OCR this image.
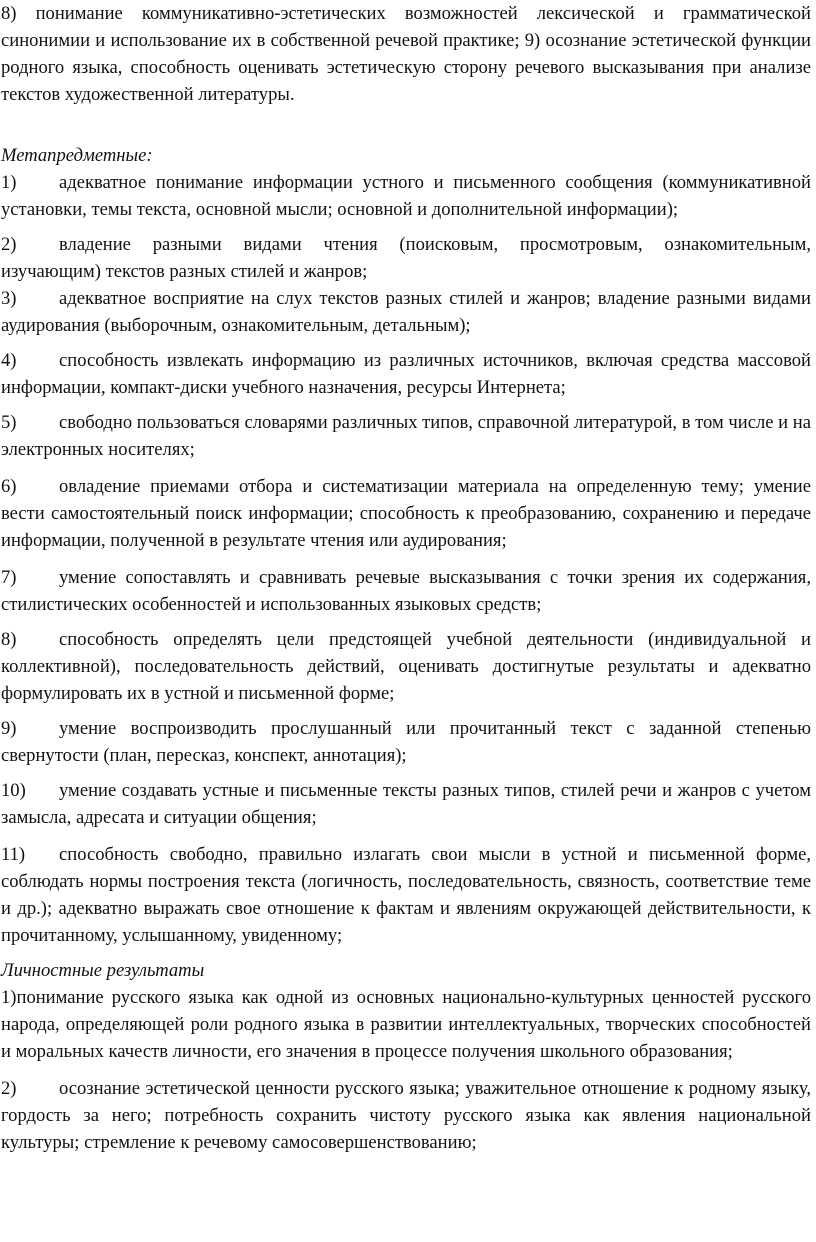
8) понимание коммуникативно-эстетических возможностей лексической и грамматической синонимии и использование их в собственной речевой практике; 9) осознание эстетической функции родного языка, способность оценивать эстетическую сторону речевого высказывания при анализе текстов художественной литературы.

Метапредметные:

1) адекватное понимание информации устного и письменного сообщения (коммуникативной установки, темы текста, основной мысли; основной и дополнительной информации);

2) владение разными видами чтения (поисковым, просмотровым, ознакомительным, изучающим) текстов разных стилей и жанров;

3) адекватное восприятие на слух текстов разных стилей и жанров; владение разными видами аудирования (выборочным, ознакомительным, детальным);

4) способность извлекать информацию из различных источников, включая средства массовой информации, компакт-диски учебного назначения, ресурсы Интернета;

5) свободно пользоваться словарями различных типов, справочной литературой, в том числе и на электронных носителях;

6) овладение приемами отбора и систематизации материала на определенную тему; умение вести самостоятельный поиск информации; способность к преобразованию, сохранению и передаче информации, полученной в результате чтения или аудирования;

7) умение сопоставлять и сравнивать речевые высказывания с точки зрения их содержания, стилистических особенностей и использованных языковых средств;

8) способность определять цели предстоящей учебной деятельности (индивидуальной и коллективной), последовательность действий, оценивать достигнутые результаты и адекватно формулировать их в устной и письменной форме;

9) умение воспроизводить прослушанный или прочитанный текст с заданной степенью свернутости (план, пересказ, конспект, аннотация);

10) умение создавать устные и письменные тексты разных типов, стилей речи и жанров с учетом замысла, адресата и ситуации общения;

11) способность свободно, правильно излагать свои мысли в устной и письменной форме, соблюдать нормы построения текста (логичность, последовательность, связность, соответствие теме и др.); адекватно выражать свое отношение к фактам и явлениям окружающей действительности, к прочитанному, услышанному, увиденному;

Личностные результаты

1)понимание русского языка как одной из основных национально-культурных ценностей русского народа, определяющей роли родного языка в развитии интеллектуальных, творческих способностей и моральных качеств личности, его значения в процессе получения школьного образования;

2) осознание эстетической ценности русского языка; уважительное отношение к родному языку, гордость за него; потребность сохранить чистоту русского языка как явления национальной культуры; стремление к речевому самосовершенствованию;
